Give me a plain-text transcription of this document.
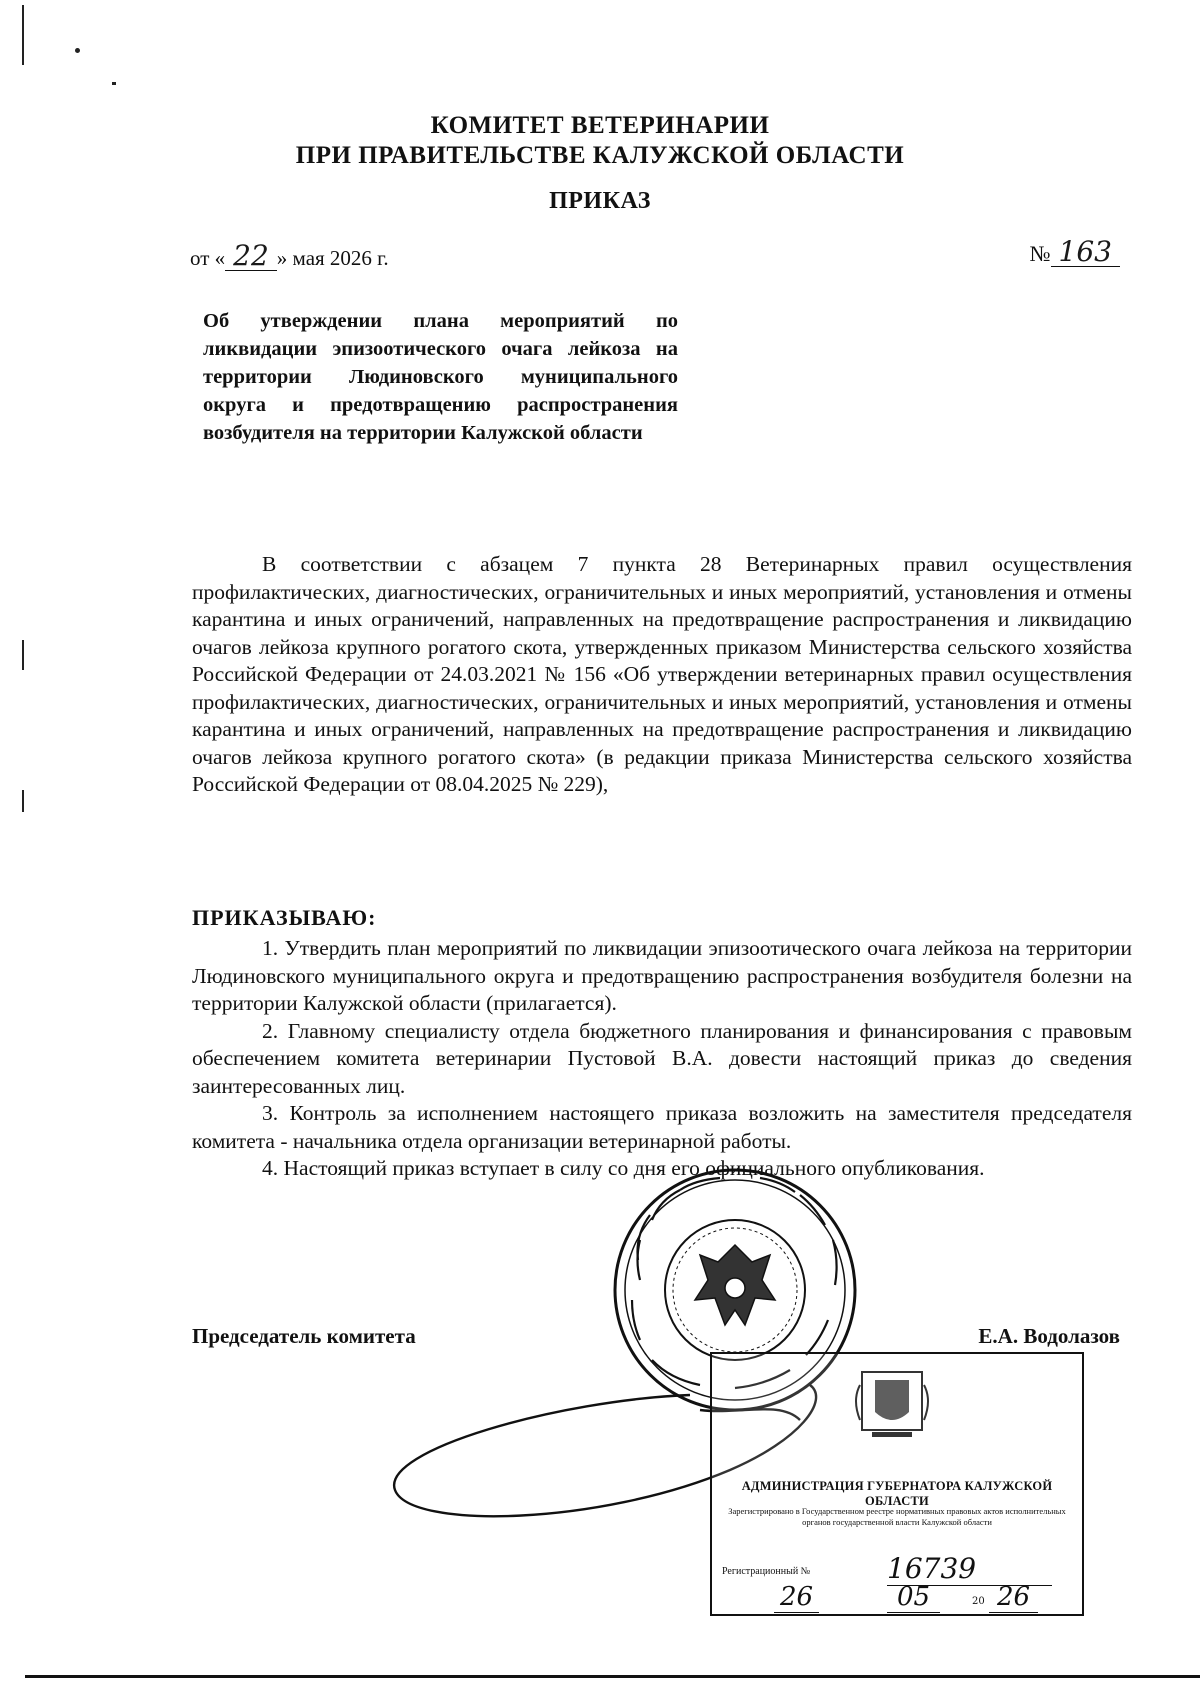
КОМИТЕТ ВЕТЕРИНАРИИ
ПРИ ПРАВИТЕЛЬСТВЕ КАЛУЖСКОЙ ОБЛАСТИ
ПРИКАЗ
от « 22 » мая 2026 г.	№ 163
Об утверждении плана мероприятий по ликвидации эпизоотического очага лейкоза на территории Людиновского муниципального округа и предотвращению распространения возбудителя на территории Калужской области

В соответствии с абзацем 7 пункта 28 Ветеринарных правил осуществления профилактических, диагностических, ограничительных и иных мероприятий, установления и отмены карантина и иных ограничений, направленных на предотвращение распространения и ликвидацию очагов лейкоза крупного рогатого скота, утвержденных приказом Министерства сельского хозяйства Российской Федерации от 24.03.2021 № 156 «Об утверждении ветеринарных правил осуществления профилактических, диагностических, ограничительных и иных мероприятий, установления и отмены карантина и иных ограничений, направленных на предотвращение распространения и ликвидацию очагов лейкоза крупного рогатого скота» (в редакции приказа Министерства сельского хозяйства Российской Федерации от 08.04.2025 № 229),

ПРИКАЗЫВАЮ:

1. Утвердить план мероприятий по ликвидации эпизоотического очага лейкоза на территории Людиновского муниципального округа и предотвращению распространения возбудителя болезни на территории Калужской области (прилагается).

2. Главному специалисту отдела бюджетного планирования и финансирования с правовым обеспечением комитета ветеринарии Пустовой В.А. довести настоящий приказ до сведения заинтересованных лиц.

3. Контроль за исполнением настоящего приказа возложить на заместителя председателя комитета - начальника отдела организации ветеринарной работы.

4. Настоящий приказ вступает в силу со дня его официального опубликования.

Председатель комитета	Е.А. Водолазов
АДМИНИСТРАЦИЯ ГУБЕРНАТОРА КАЛУЖСКОЙ ОБЛАСТИ
Зарегистрировано в Государственном реестре нормативных правовых актов исполнительных органов государственной власти Калужской области
Регистрационный №	16739
26	05	20 26
